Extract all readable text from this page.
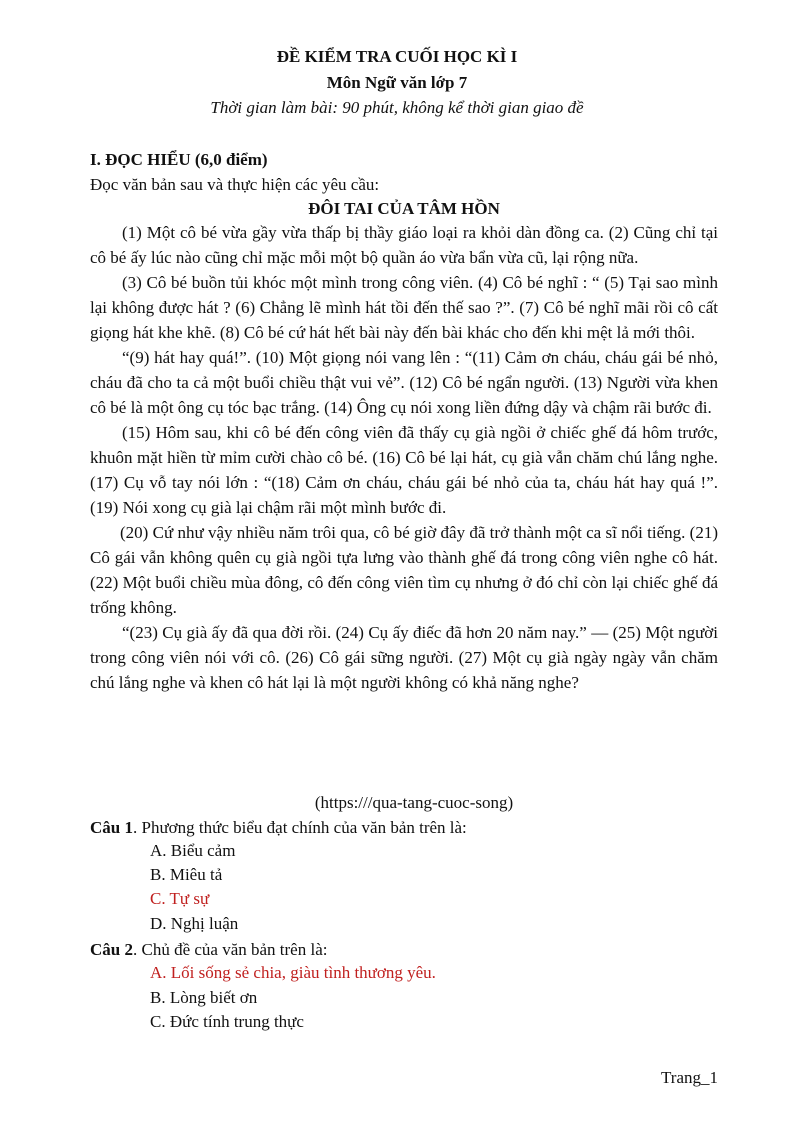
ĐỀ KIỂM TRA CUỐI HỌC KÌ I
Môn Ngữ văn lớp 7
Thời gian làm bài: 90 phút, không kể thời gian giao đề
I. ĐỌC HIỂU (6,0 điểm)
Đọc văn bản sau và thực hiện các yêu cầu:
ĐÔI TAI CỦA TÂM HỒN

(1) Một cô bé vừa gầy vừa thấp bị thầy giáo loại ra khỏi dàn đồng ca. (2) Cũng chỉ tại cô bé ấy lúc nào cũng chỉ mặc mỗi một bộ quần áo vừa bẩn vừa cũ, lại rộng nữa.

(3) Cô bé buồn tủi khóc một mình trong công viên. (4) Cô bé nghĩ : “ (5) Tại sao mình lại không được hát ? (6) Chẳng lẽ mình hát tồi đến thế sao ?”. (7) Cô bé nghĩ mãi rồi cô cất giọng hát khe khẽ. (8) Cô bé cứ hát hết bài này đến bài khác cho đến khi mệt lả mới thôi.

“(9) hát hay quá!”. (10) Một giọng nói vang lên : “(11) Cảm ơn cháu, cháu gái bé nhỏ, cháu đã cho ta cả một buổi chiều thật vui vẻ”. (12) Cô bé ngẩn người. (13) Người vừa khen cô bé là một ông cụ tóc bạc trắng. (14) Ông cụ nói xong liền đứng dậy và chậm rãi bước đi.

(15) Hôm sau, khi cô bé đến công viên đã thấy cụ già ngồi ở chiếc ghế đá hôm trước, khuôn mặt hiền từ mỉm cười chào cô bé. (16) Cô bé lại hát, cụ già vẫn chăm chú lắng nghe. (17) Cụ vỗ tay nói lớn : “(18) Cảm ơn cháu, cháu gái bé nhỏ của ta, cháu hát hay quá !”. (19) Nói xong cụ già lại chậm rãi một mình bước đi.

(20) Cứ như vậy nhiều năm trôi qua, cô bé giờ đây đã trở thành một ca sĩ nổi tiếng. (21) Cô gái vẫn không quên cụ già ngồi tựa lưng vào thành ghế đá trong công viên nghe cô hát. (22) Một buổi chiều mùa đông, cô đến công viên tìm cụ nhưng ở đó chỉ còn lại chiếc ghế đá trống không.

“(23) Cụ già ấy đã qua đời rồi. (24) Cụ ấy điếc đã hơn 20 năm nay.” — (25) Một người trong công viên nói với cô. (26) Cô gái sững người. (27) Một cụ già ngày ngày vẫn chăm chú lắng nghe và khen cô hát lại là một người không có khả năng nghe?

(https:///qua-tang-cuoc-song)
Câu 1. Phương thức biểu đạt chính của văn bản trên là:
A. Biểu cảm
B. Miêu tả
C. Tự sự
D. Nghị luận
Câu 2. Chủ đề của văn bản trên là:
A. Lối sống sẻ chia, giàu tình thương yêu.
B. Lòng biết ơn
C. Đức tính trung thực
Trang_1
